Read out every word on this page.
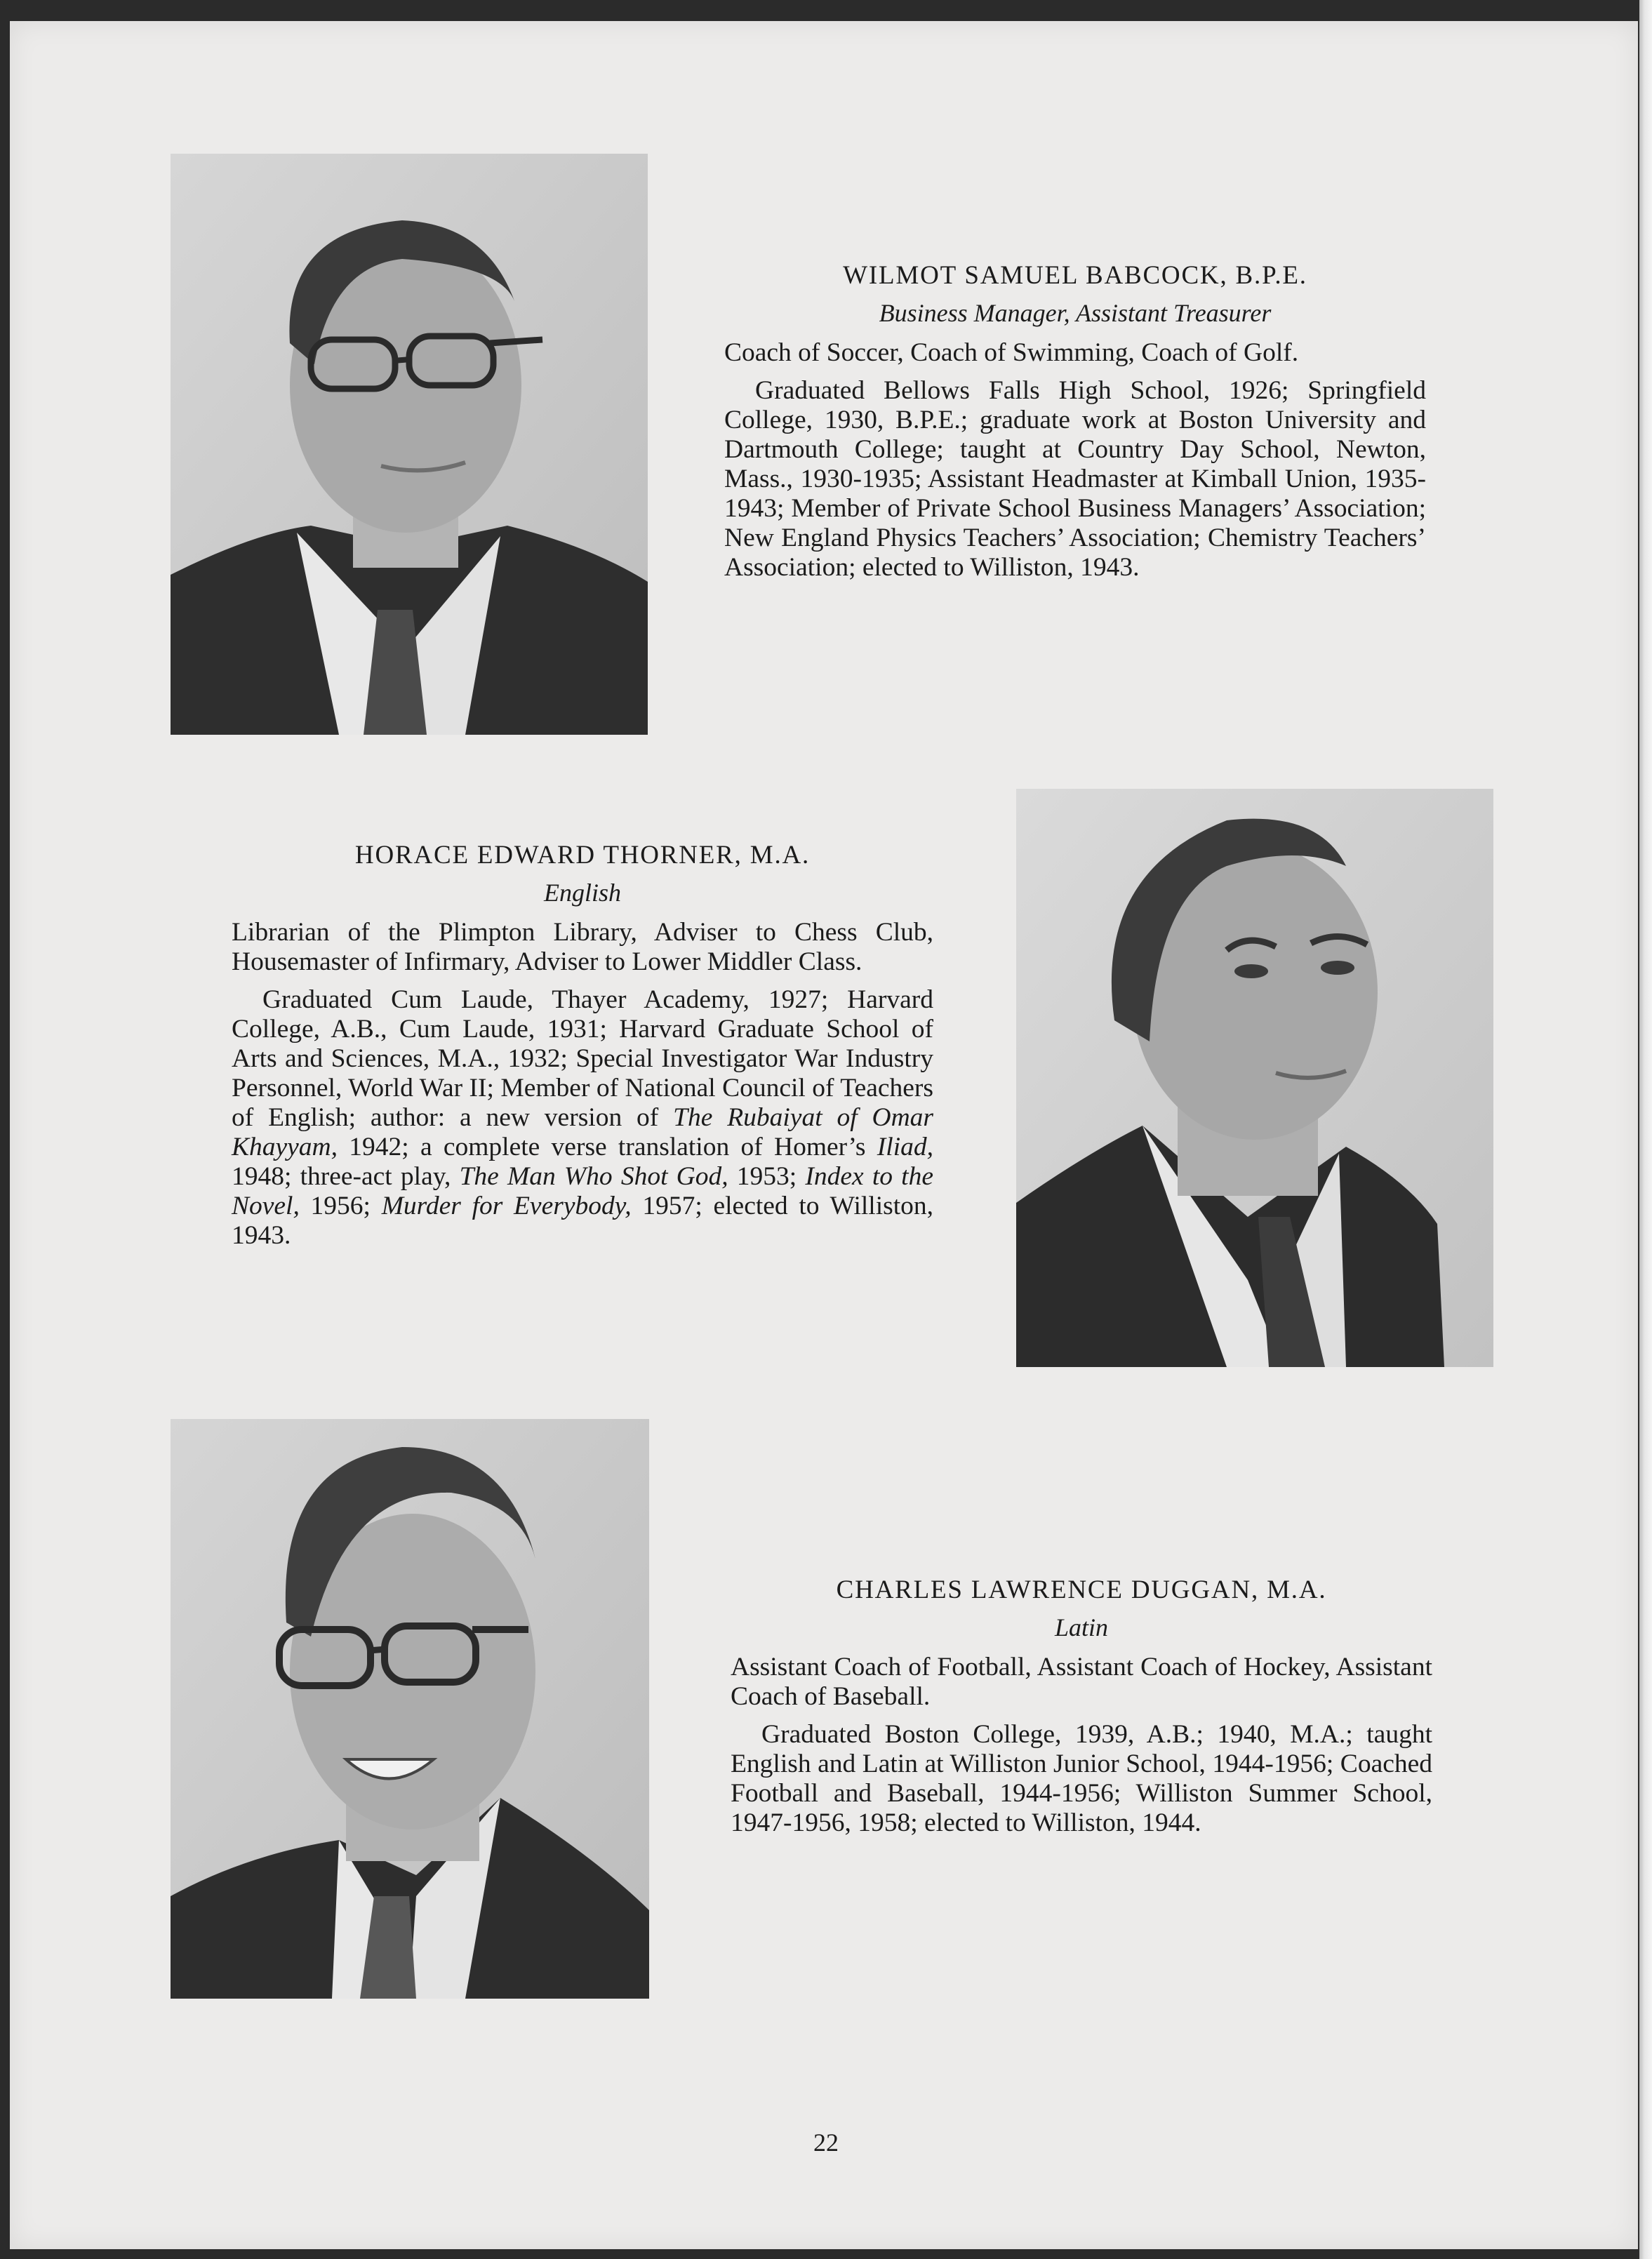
WILMOT SAMUEL BABCOCK, B.P.E.
Business Manager, Assistant Treasurer

Coach of Soccer, Coach of Swimming, Coach of Golf.

Graduated Bellows Falls High School, 1926; Springfield College, 1930, B.P.E.; graduate work at Boston University and Dartmouth College; taught at Country Day School, Newton, Mass., 1930-1935; Assistant Headmaster at Kimball Union, 1935-1943; Member of Private School Business Managers’ Association; New England Physics Teachers’ Association; Chemistry Teachers’ Association; elected to Williston, 1943.

HORACE EDWARD THORNER, M.A.
English

Librarian of the Plimpton Library, Adviser to Chess Club, Housemaster of Infirmary, Adviser to Lower Middler Class.

Graduated Cum Laude, Thayer Academy, 1927; Harvard College, A.B., Cum Laude, 1931; Harvard Graduate School of Arts and Sciences, M.A., 1932; Special Investigator War Industry Personnel, World War II; Member of National Council of Teachers of English; author: a new version of The Rubaiyat of Omar Khayyam, 1942; a complete verse translation of Homer’s Iliad, 1948; three-act play, The Man Who Shot God, 1953; Index to the Novel, 1956; Murder for Everybody, 1957; elected to Williston, 1943.

CHARLES LAWRENCE DUGGAN, M.A.
Latin

Assistant Coach of Football, Assistant Coach of Hockey, Assistant Coach of Baseball.

Graduated Boston College, 1939, A.B.; 1940, M.A.; taught English and Latin at Williston Junior School, 1944-1956; Coached Football and Baseball, 1944-1956; Williston Summer School, 1947-1956, 1958; elected to Williston, 1944.

22
